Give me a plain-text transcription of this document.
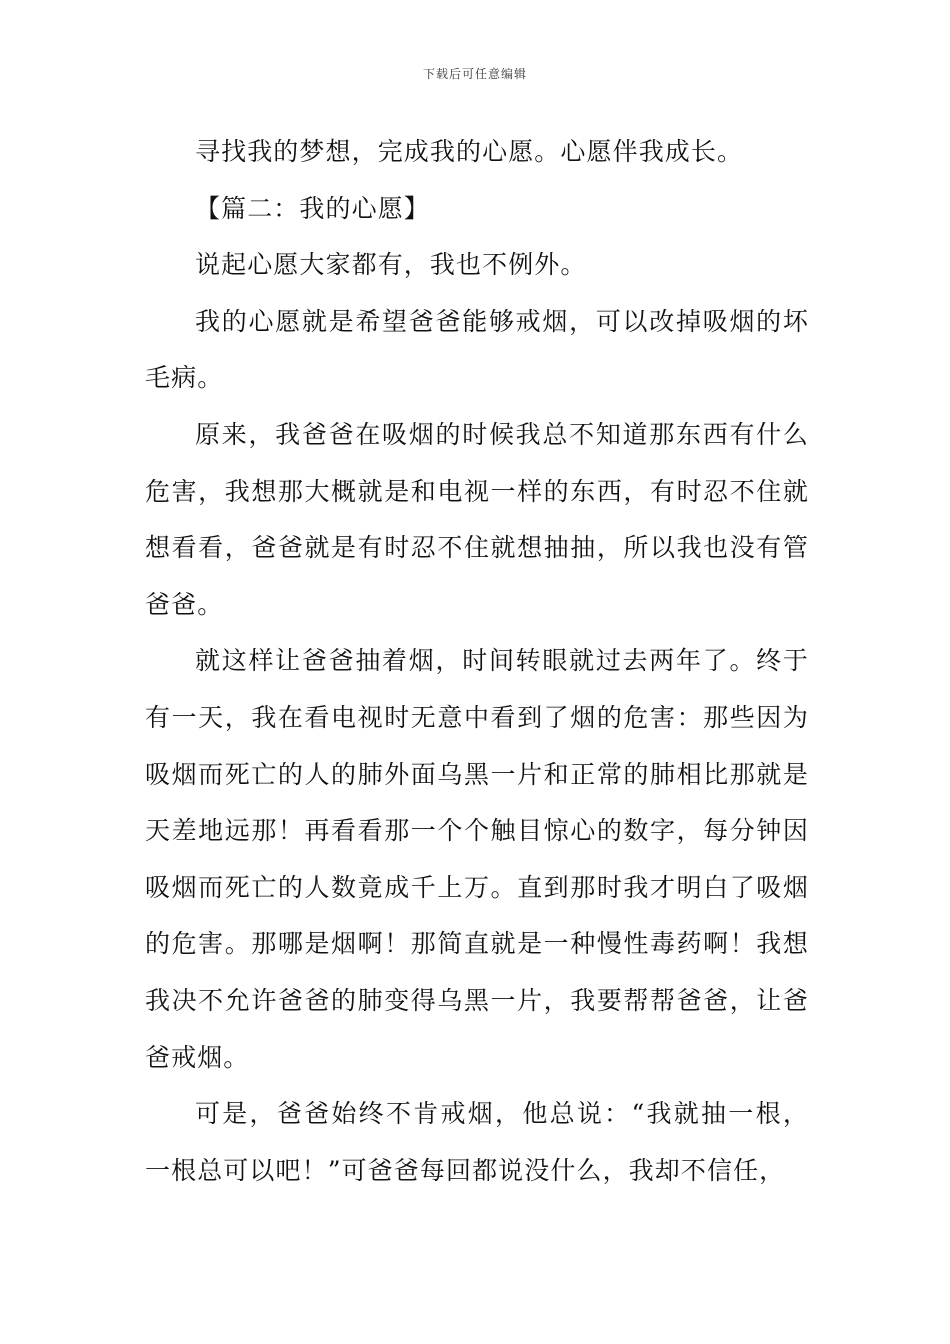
下载后可任意编辑

寻找我的梦想，完成我的心愿。心愿伴我成长。

【篇二：我的心愿】

说起心愿大家都有，我也不例外。

我的心愿就是希望爸爸能够戒烟，可以改掉吸烟的坏毛病。

原来，我爸爸在吸烟的时候我总不知道那东西有什么危害，我想那大概就是和电视一样的东西，有时忍不住就想看看，爸爸就是有时忍不住就想抽抽，所以我也没有管爸爸。

就这样让爸爸抽着烟，时间转眼就过去两年了。终于有一天，我在看电视时无意中看到了烟的危害：那些因为吸烟而死亡的人的肺外面乌黑一片和正常的肺相比那就是天差地远那！再看看那一个个触目惊心的数字，每分钟因吸烟而死亡的人数竟成千上万。直到那时我才明白了吸烟的危害。那哪是烟啊！那简直就是一种慢性毒药啊！我想我决不允许爸爸的肺变得乌黑一片，我要帮帮爸爸，让爸爸戒烟。

可是，爸爸始终不肯戒烟，他总说：“我就抽一根，一根总可以吧！”可爸爸每回都说没什么，我却不信任，
